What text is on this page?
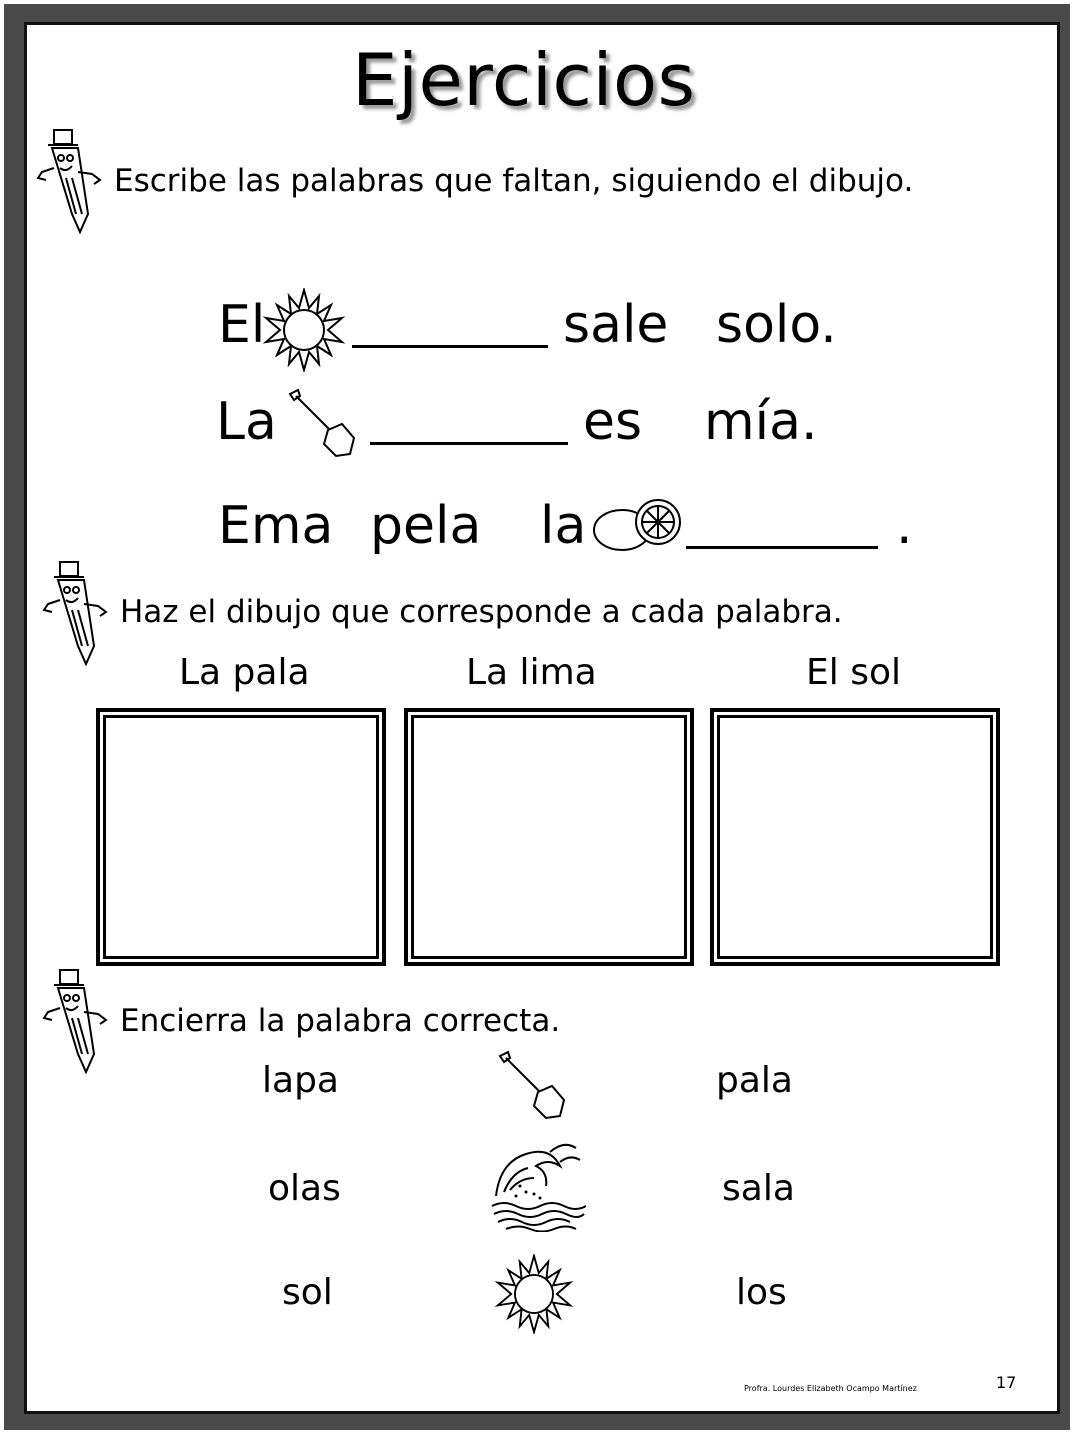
Ejercicios
Escribe las palabras que faltan, siguiendo el dibujo.
El	sale solo.
La	es mía.
Ema pela la	.
Haz el dibujo que corresponde a cada palabra.
La pala	La lima	El sol
Encierra la palabra correcta.
lapa	pala
olas	sala
sol	los
Profra. Lourdes Elizabeth Ocampo Martínez	17
